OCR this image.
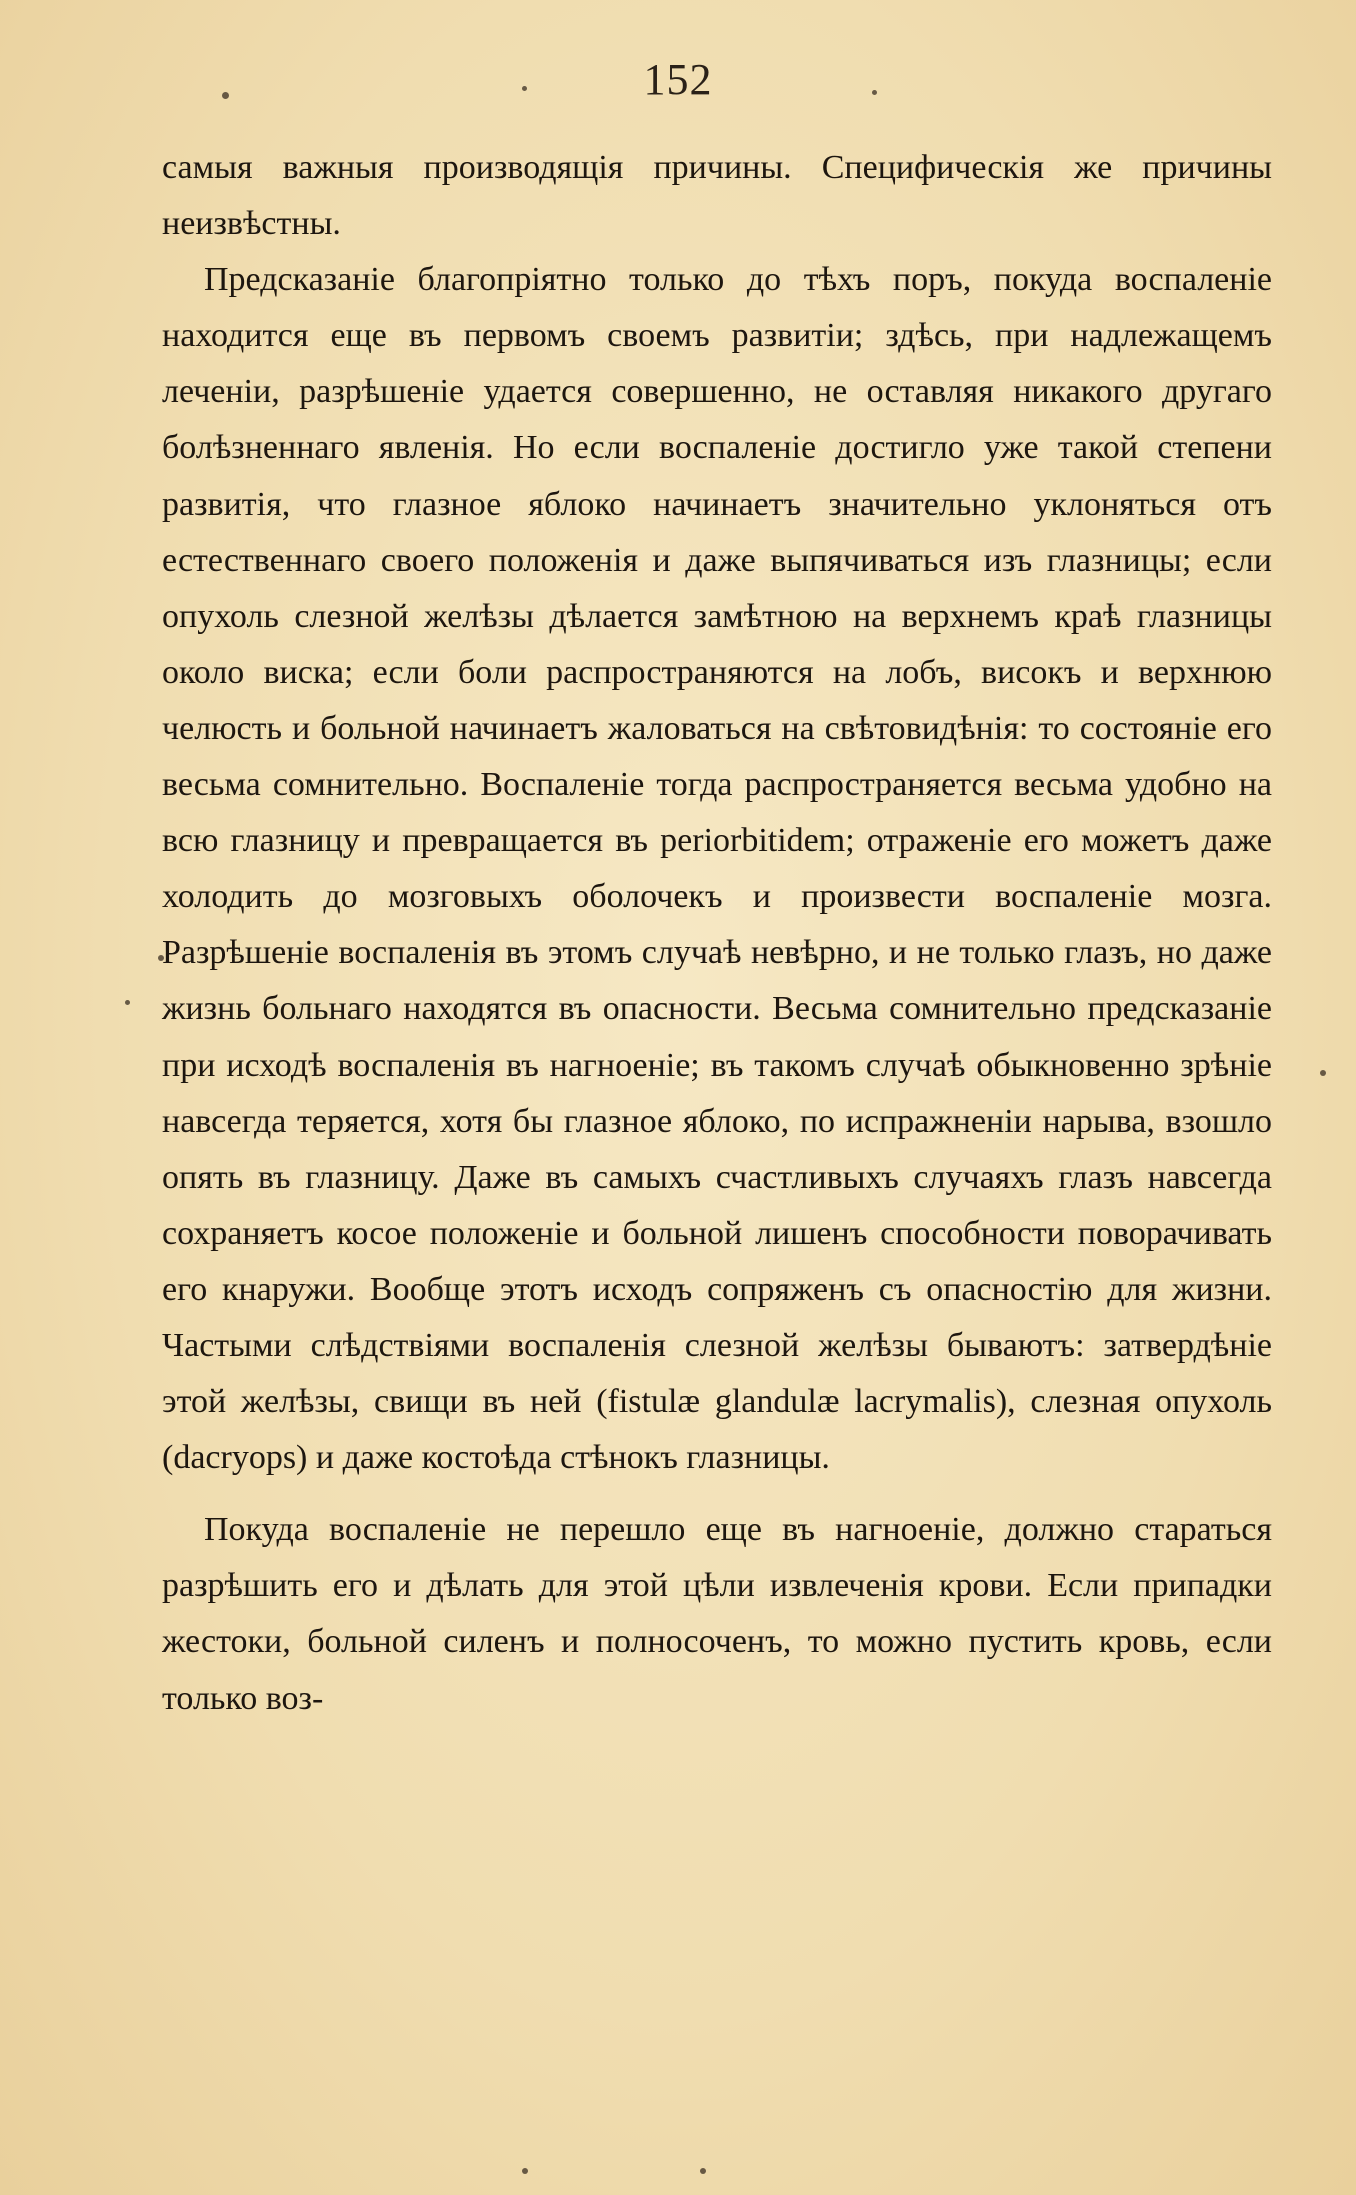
152

самыя важныя производящія причины. Специфическія же причины неизвѣстны.

Предсказаніе благопріятно только до тѣхъ поръ, покуда воспаленіе находится еще въ первомъ своемъ развитіи; здѣсь, при надлежащемъ леченіи, разрѣшеніе удается совершенно, не оставляя никакого другаго болѣзненнаго явленія. Но если воспаленіе достигло уже такой степени развитія, что глазное яблоко начинаетъ значительно уклоняться отъ естественнаго своего положенія и даже выпячиваться изъ глазницы; если опухоль слезной желѣзы дѣлается замѣтною на верхнемъ краѣ глазницы около виска; если боли распространяются на лобъ, високъ и верхнюю челюсть и больной начинаетъ жаловаться на свѣтовидѣнія: то состояніе его весьма сомнительно. Воспаленіе тогда распространяется весьма удобно на всю глазницу и превращается въ periorbitidem; отраженіе его можетъ даже холодить до мозговыхъ оболочекъ и произвести воспаленіе мозга. Разрѣшеніе воспаленія въ этомъ случаѣ невѣрно, и не только глазъ, но даже жизнь больнаго находятся въ опасности. Весьма сомнительно предсказаніе при исходѣ воспаленія въ нагноеніе; въ такомъ случаѣ обыкновенно зрѣніе навсегда теряется, хотя бы глазное яблоко, по испражненіи нарыва, взошло опять въ глазницу. Даже въ самыхъ счастливыхъ случаяхъ глазъ навсегда сохраняетъ косое положеніе и больной лишенъ способности поворачивать его кнаружи. Вообще этотъ исходъ сопряженъ съ опасностію для жизни. Частыми слѣдствіями воспаленія слезной желѣзы бываютъ: затвердѣніе этой желѣзы, свищи въ ней (fistulæ glandulæ lacrymalis), слезная опухоль (dacryops) и даже костоѣда стѣнокъ глазницы.

Покуда воспаленіе не перешло еще въ нагноеніе, должно стараться разрѣшить его и дѣлать для этой цѣли извлеченія крови. Если припадки жестоки, больной силенъ и полносоченъ, то можно пустить кровь, если только воз-
